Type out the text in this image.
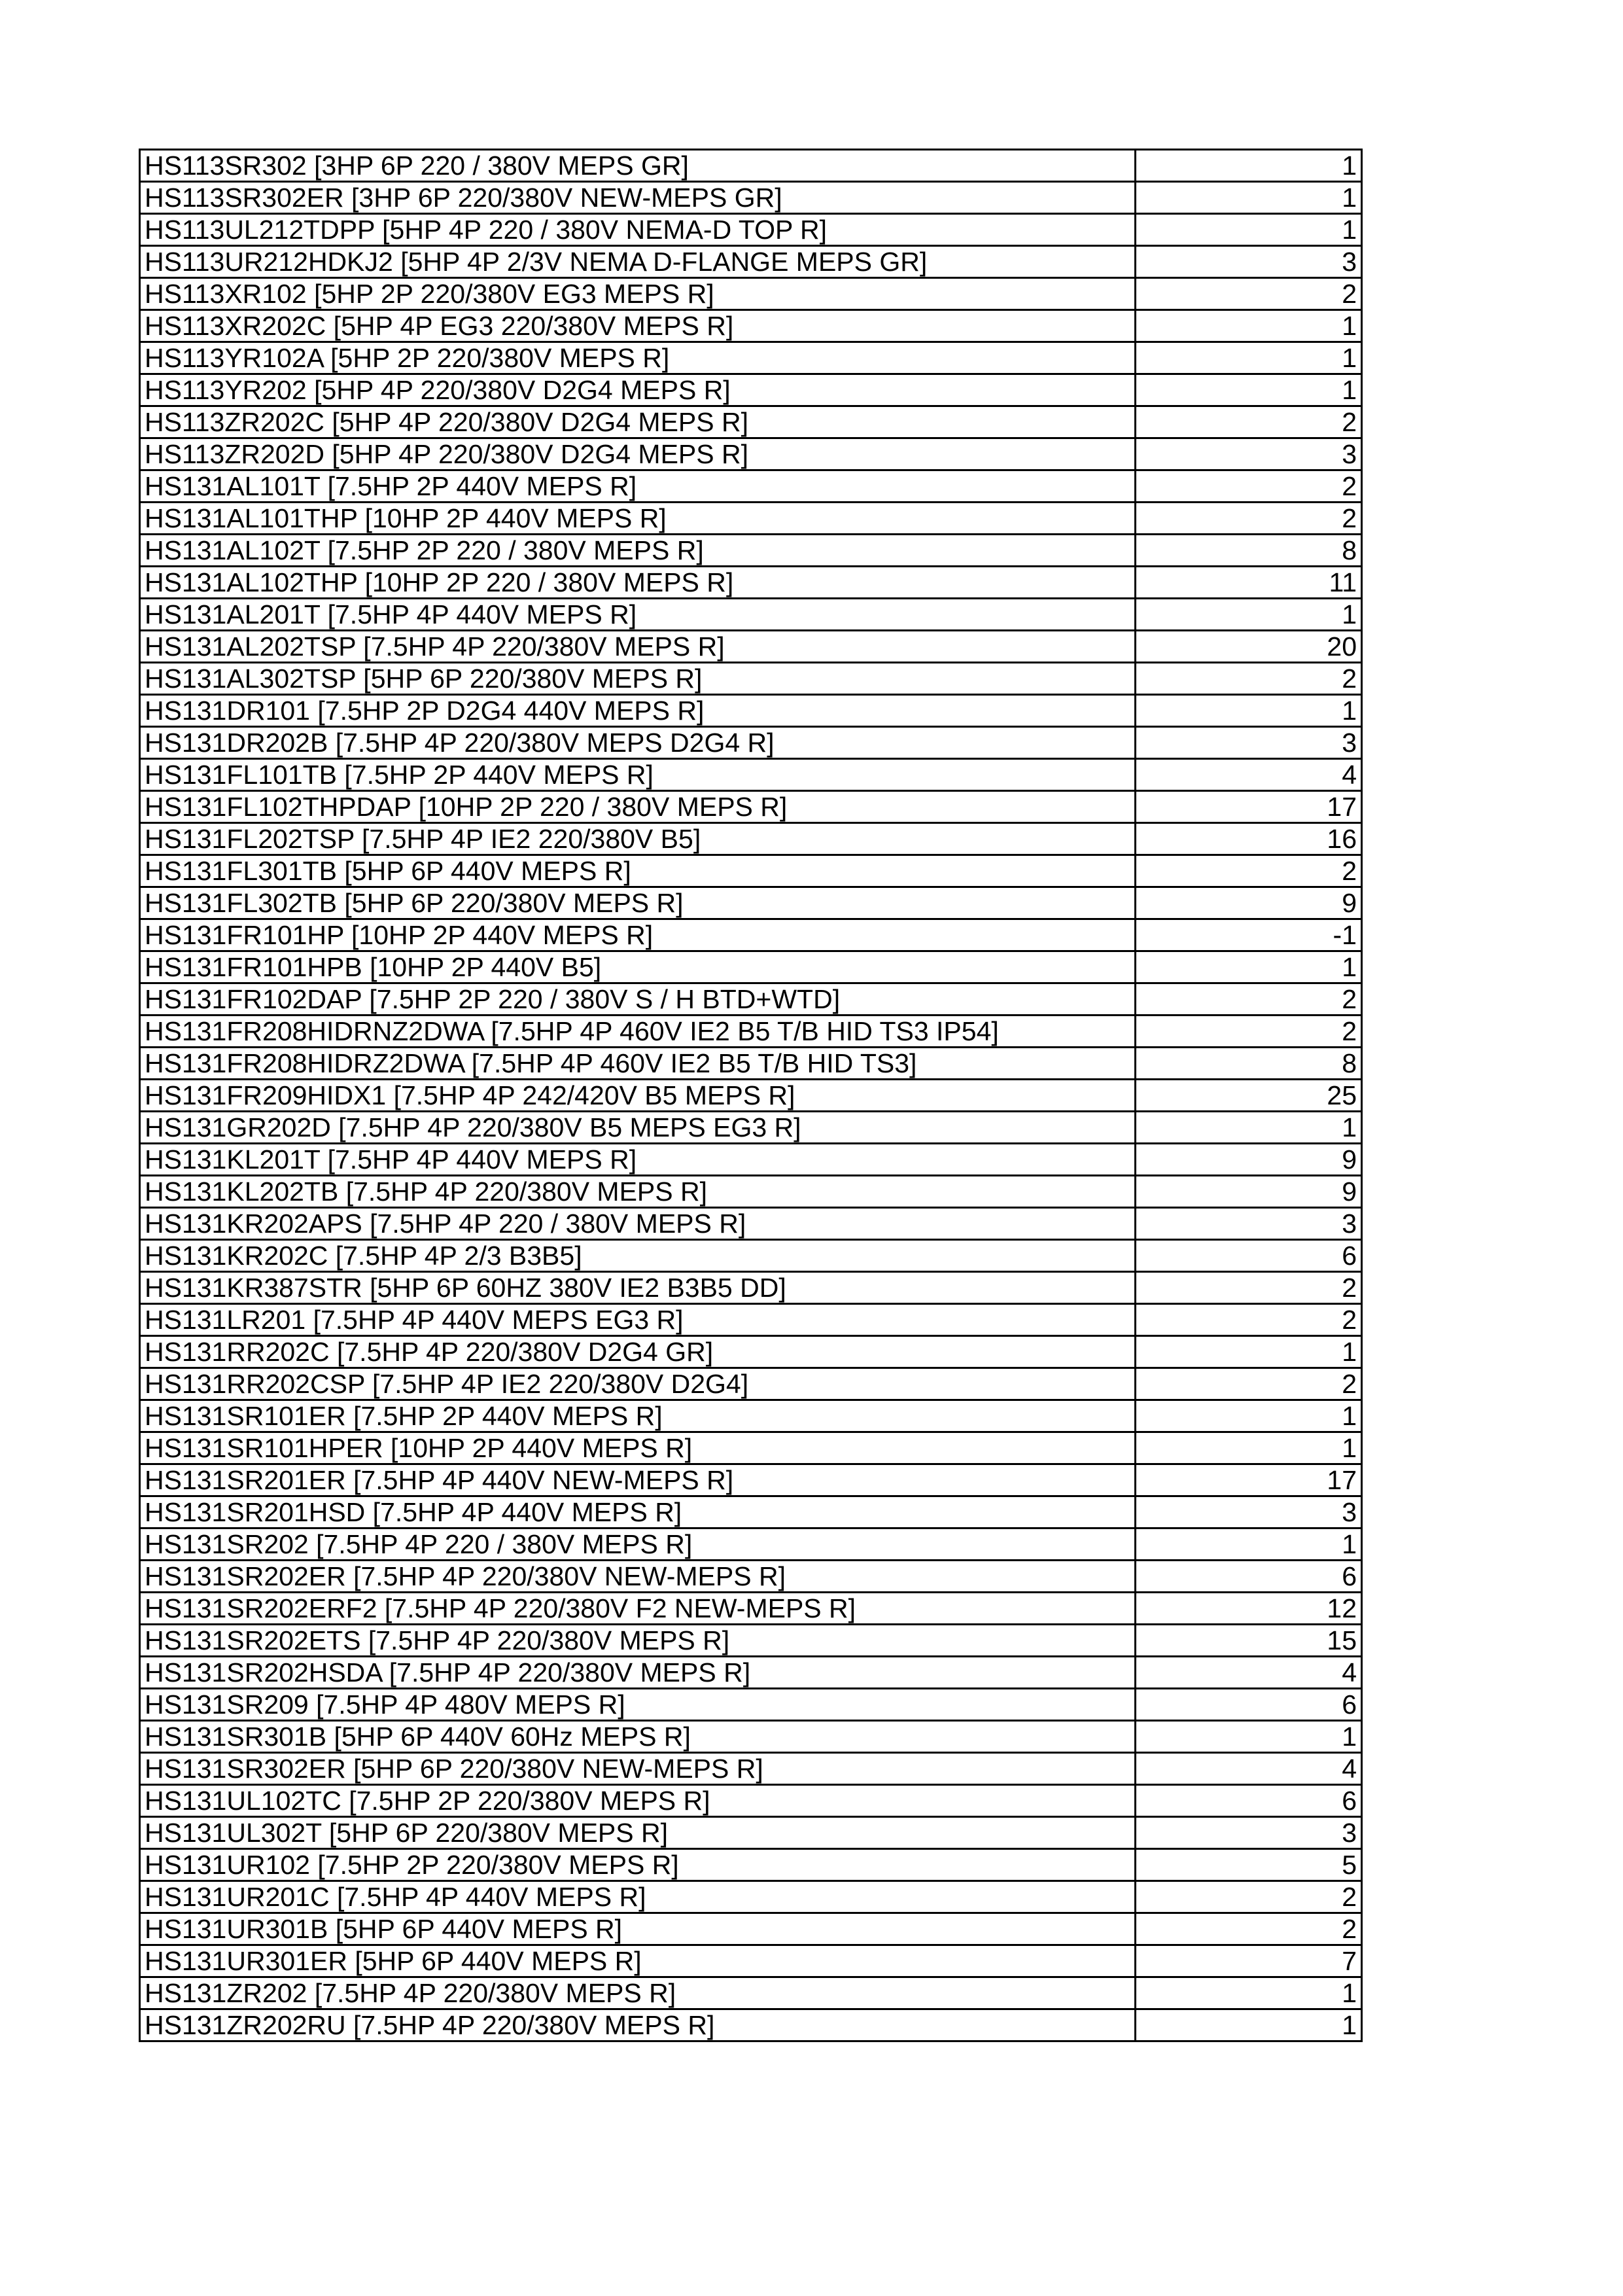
HS113SR302 [3HP 6P 220 / 380V MEPS GR]	1
HS113SR302ER [3HP 6P 220/380V NEW-MEPS GR]	1
HS113UL212TDPP [5HP 4P 220 / 380V NEMA-D TOP R]	1
HS113UR212HDKJ2 [5HP 4P 2/3V NEMA D-FLANGE MEPS GR]	3
HS113XR102 [5HP 2P 220/380V EG3 MEPS R]	2
HS113XR202C [5HP 4P EG3 220/380V MEPS R]	1
HS113YR102A [5HP 2P 220/380V MEPS R]	1
HS113YR202 [5HP 4P 220/380V D2G4 MEPS R]	1
HS113ZR202C [5HP 4P 220/380V D2G4 MEPS R]	2
HS113ZR202D [5HP 4P 220/380V D2G4 MEPS R]	3
HS131AL101T [7.5HP 2P 440V MEPS R]	2
HS131AL101THP [10HP 2P 440V MEPS R]	2
HS131AL102T [7.5HP 2P 220 / 380V MEPS R]	8
HS131AL102THP [10HP 2P 220 / 380V MEPS R]	11
HS131AL201T [7.5HP 4P 440V MEPS R]	1
HS131AL202TSP [7.5HP 4P 220/380V MEPS R]	20
HS131AL302TSP [5HP 6P 220/380V MEPS R]	2
HS131DR101 [7.5HP 2P D2G4 440V MEPS R]	1
HS131DR202B [7.5HP 4P 220/380V MEPS D2G4 R]	3
HS131FL101TB [7.5HP 2P 440V MEPS R]	4
HS131FL102THPDAP [10HP 2P 220 / 380V MEPS R]	17
HS131FL202TSP [7.5HP 4P IE2 220/380V B5]	16
HS131FL301TB [5HP 6P 440V MEPS R]	2
HS131FL302TB [5HP 6P 220/380V MEPS R]	9
HS131FR101HP [10HP 2P 440V MEPS R]	-1
HS131FR101HPB [10HP 2P 440V B5]	1
HS131FR102DAP [7.5HP 2P 220 / 380V S / H BTD+WTD]	2
HS131FR208HIDRNZ2DWA [7.5HP 4P 460V IE2 B5 T/B HID TS3 IP54]	2
HS131FR208HIDRZ2DWA [7.5HP 4P 460V IE2 B5 T/B HID TS3]	8
HS131FR209HIDX1 [7.5HP 4P 242/420V B5 MEPS R]	25
HS131GR202D [7.5HP 4P 220/380V B5 MEPS EG3 R]	1
HS131KL201T [7.5HP 4P 440V MEPS R]	9
HS131KL202TB [7.5HP 4P 220/380V MEPS R]	9
HS131KR202APS [7.5HP 4P 220 / 380V MEPS R]	3
HS131KR202C [7.5HP 4P 2/3 B3B5]	6
HS131KR387STR [5HP 6P 60HZ 380V IE2 B3B5 DD]	2
HS131LR201 [7.5HP 4P 440V MEPS EG3 R]	2
HS131RR202C [7.5HP 4P 220/380V D2G4 GR]	1
HS131RR202CSP [7.5HP 4P IE2 220/380V D2G4]	2
HS131SR101ER [7.5HP 2P 440V MEPS R]	1
HS131SR101HPER [10HP 2P 440V MEPS R]	1
HS131SR201ER [7.5HP 4P 440V NEW-MEPS R]	17
HS131SR201HSD [7.5HP 4P 440V MEPS R]	3
HS131SR202 [7.5HP 4P 220 / 380V MEPS R]	1
HS131SR202ER [7.5HP 4P 220/380V NEW-MEPS R]	6
HS131SR202ERF2 [7.5HP 4P 220/380V F2 NEW-MEPS R]	12
HS131SR202ETS [7.5HP 4P 220/380V MEPS R]	15
HS131SR202HSDA [7.5HP 4P 220/380V MEPS R]	4
HS131SR209 [7.5HP 4P 480V MEPS R]	6
HS131SR301B [5HP 6P 440V 60Hz MEPS R]	1
HS131SR302ER [5HP 6P 220/380V NEW-MEPS R]	4
HS131UL102TC [7.5HP 2P 220/380V MEPS R]	6
HS131UL302T [5HP 6P 220/380V MEPS R]	3
HS131UR102 [7.5HP 2P 220/380V MEPS R]	5
HS131UR201C [7.5HP 4P 440V MEPS R]	2
HS131UR301B [5HP 6P 440V MEPS R]	2
HS131UR301ER [5HP 6P 440V MEPS R]	7
HS131ZR202 [7.5HP 4P 220/380V MEPS R]	1
HS131ZR202RU [7.5HP 4P 220/380V MEPS R]	1
